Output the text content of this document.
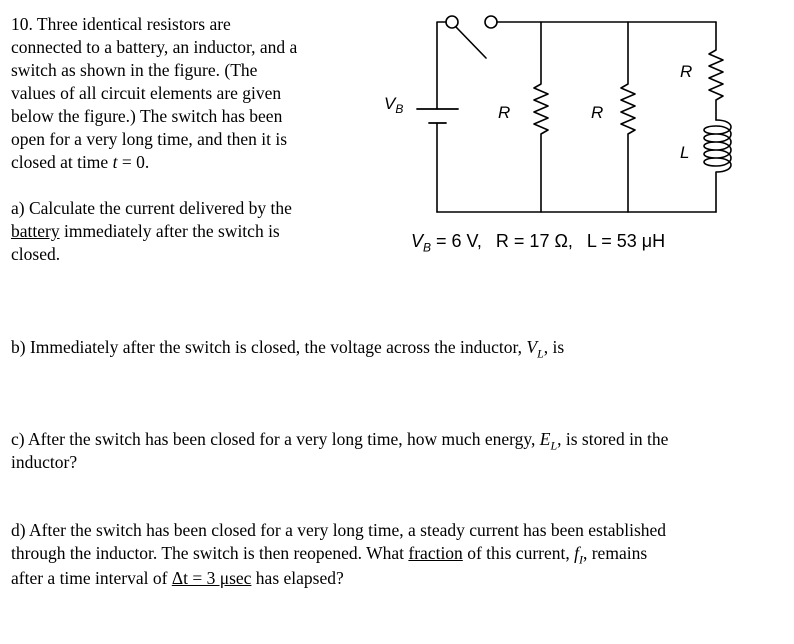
10. Three identical resistors are
connected to a battery, an inductor, and a
switch as shown in the figure. (The
values of all circuit elements are given
below the figure.) The switch has been
open for a very long time, and then it is
closed at time t = 0.
a) Calculate the current delivered by the
battery immediately after the switch is
closed.
b) Immediately after the switch is closed, the voltage across the inductor, $V_L$, is
c) After the switch has been closed for a very long time, how much energy, $E_L$, is stored in the
inductor?
d) After the switch has been closed for a very long time, a steady current has been established
through the inductor. The switch is then reopened. What fraction of this current, $f_I$, remains
after a time interval of Δt = 3 μsec has elapsed?
$V_B$	R	R
R
L
$V_B = 6$ V, R = 17 Ω, L = 53 μH
